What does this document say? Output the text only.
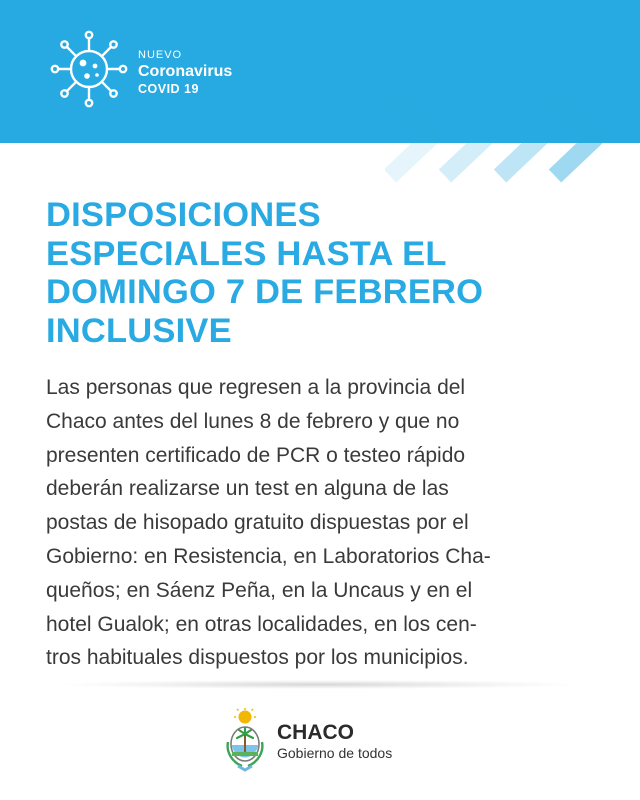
NUEVO
Coronavirus
COVID 19
DISPOSICIONES
ESPECIALES HASTA EL
DOMINGO 7 DE FEBRERO
INCLUSIVE

Las personas que regresen a la provincia del
Chaco antes del lunes 8 de febrero y que no
presenten certificado de PCR o testeo rápido
deberán realizarse un test en alguna de las
postas de hisopado gratuito dispuestas por el
Gobierno: en Resistencia, en Laboratorios Cha-
queños; en Sáenz Peña, en la Uncaus y en el
hotel Gualok; en otras localidades, en los cen-
tros habituales dispuestos por los municipios.

CHACO
Gobierno de todos
